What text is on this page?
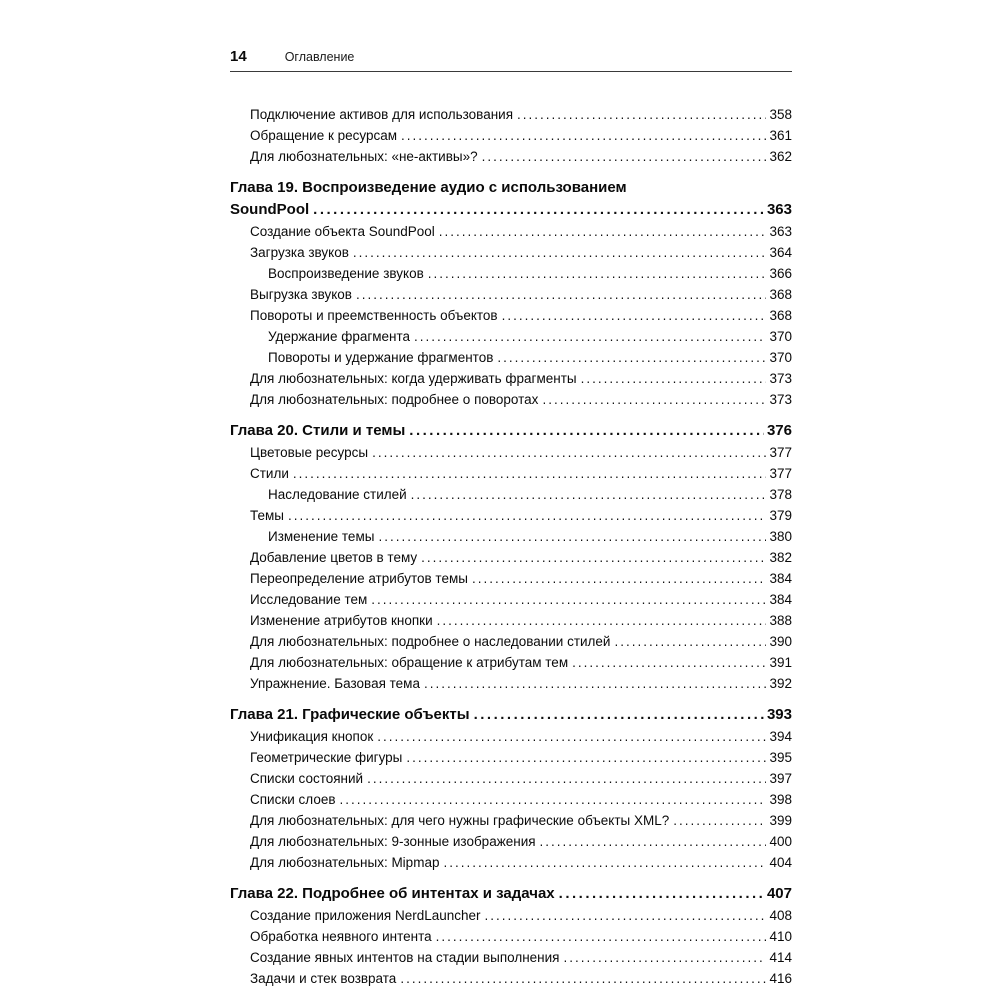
14	Оглавление
Подключение активов для использования .....	358
Обращение к ресурсам .....	361
Для любознательных: «не-активы»? .....	362
Глава 19. Воспроизведение аудио с использованием
SoundPool .....	363
Создание объекта SoundPool .....	363
Загрузка звуков .....	364
Воспроизведение звуков .....	366
Выгрузка звуков .....	368
Повороты и преемственность объектов .....	368
Удержание фрагмента .....	370
Повороты и удержание фрагментов .....	370
Для любознательных: когда удерживать фрагменты .....	373
Для любознательных: подробнее о поворотах .....	373
Глава 20. Стили и темы .....	376
Цветовые ресурсы .....	377
Стили .....	377
Наследование стилей .....	378
Темы .....	379
Изменение темы .....	380
Добавление цветов в тему .....	382
Переопределение атрибутов темы .....	384
Исследование тем .....	384
Изменение атрибутов кнопки .....	388
Для любознательных: подробнее о наследовании стилей .....	390
Для любознательных: обращение к атрибутам тем .....	391
Упражнение. Базовая тема .....	392
Глава 21. Графические объекты .....	393
Унификация кнопок .....	394
Геометрические фигуры .....	395
Списки состояний .....	397
Списки слоев .....	398
Для любознательных: для чего нужны графические объекты XML? .....	399
Для любознательных: 9-зонные изображения .....	400
Для любознательных: Mipmap .....	404
Глава 22. Подробнее об интентах и задачах .....	407
Создание приложения NerdLauncher .....	408
Обработка неявного интента .....	410
Создание явных интентов на стадии выполнения .....	414
Задачи и стек возврата .....	416
